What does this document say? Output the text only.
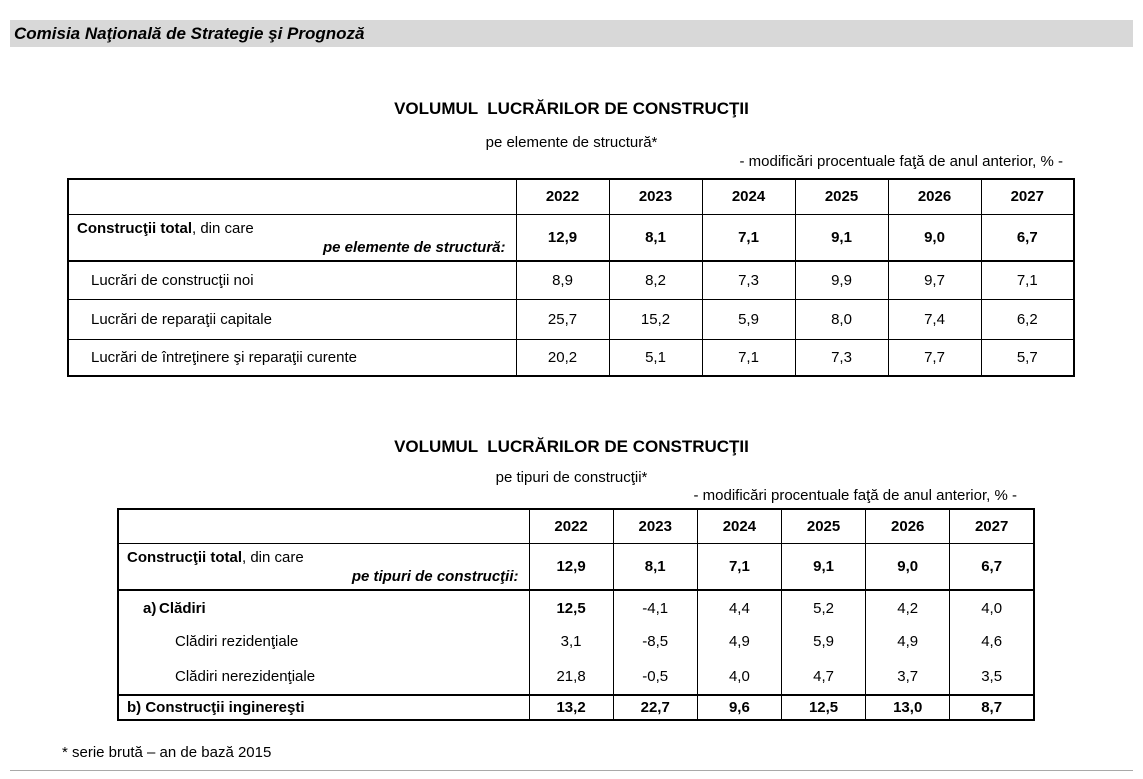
Comisia Naţională de Strategie şi Prognoză
VOLUMUL  LUCRĂRILOR DE CONSTRUCŢII
pe elemente de structură*
- modificări procentuale faţă de anul anterior, % -
	2022	2023	2024	2025	2026	2027

Construcţii total, din care
pe elemente de structură:	12,9	8,1	7,1	9,1	9,0	6,7
Lucrări de construcţii noi	8,9	8,2	7,3	9,9	9,7	7,1
Lucrări de reparaţii capitale	25,7	15,2	5,9	8,0	7,4	6,2
Lucrări de întreţinere şi reparaţii curente	20,2	5,1	7,1	7,3	7,7	5,7
VOLUMUL  LUCRĂRILOR DE CONSTRUCŢII
pe tipuri de construcţii*
- modificări procentuale faţă de anul anterior, % -
	2022	2023	2024	2025	2026	2027

Construcţii total, din care
pe tipuri de construcţii:	12,9	8,1	7,1	9,1	9,0	6,7
a) Clădiri	12,5	-4,1	4,4	5,2	4,2	4,0
Clădiri rezidenţiale	3,1	-8,5	4,9	5,9	4,9	4,6
Clădiri nerezidenţiale	21,8	-0,5	4,0	4,7	3,7	3,5
b) Construcţii inginereşti	13,2	22,7	9,6	12,5	13,0	8,7
* serie brută – an de bază 2015
